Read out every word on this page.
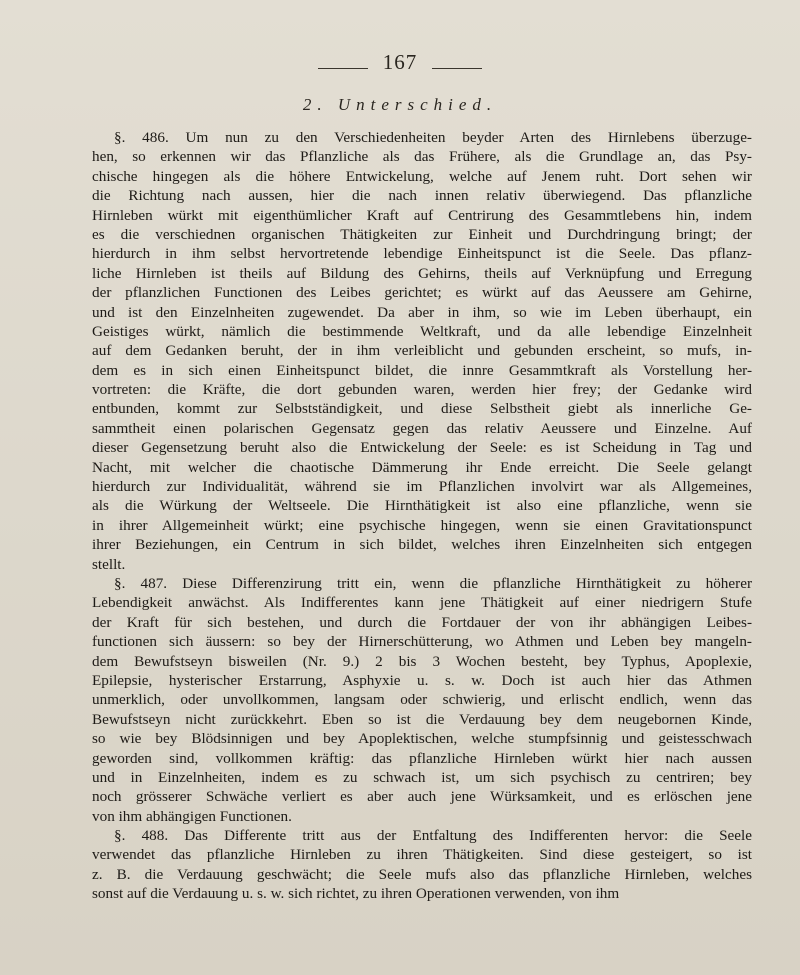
167
2. Unterschied.
§. 486. Um nun zu den Verschiedenheiten beyder Arten des Hirnlebens überzuge-
hen, so erkennen wir das Pflanzliche als das Frühere, als die Grundlage an, das Psy-
chische hingegen als die höhere Entwickelung, welche auf Jenem ruht. Dort sehen wir
die Richtung nach aussen, hier die nach innen relativ überwiegend. Das pflanzliche
Hirnleben würkt mit eigenthümlicher Kraft auf Centrirung des Gesammtlebens hin, indem
es die verschiednen organischen Thätigkeiten zur Einheit und Durchdringung bringt; der
hierdurch in ihm selbst hervortretende lebendige Einheitspunct ist die Seele. Das pflanz-
liche Hirnleben ist theils auf Bildung des Gehirns, theils auf Verknüpfung und Erregung
der pflanzlichen Functionen des Leibes gerichtet; es würkt auf das Aeussere am Gehirne,
und ist den Einzelnheiten zugewendet. Da aber in ihm, so wie im Leben überhaupt, ein
Geistiges würkt, nämlich die bestimmende Weltkraft, und da alle lebendige Einzelnheit
auf dem Gedanken beruht, der in ihm verleiblicht und gebunden erscheint, so mufs, in-
dem es in sich einen Einheitspunct bildet, die innre Gesammtkraft als Vorstellung her-
vortreten: die Kräfte, die dort gebunden waren, werden hier frey; der Gedanke wird
entbunden, kommt zur Selbstständigkeit, und diese Selbstheit giebt als innerliche Ge-
sammtheit einen polarischen Gegensatz gegen das relativ Aeussere und Einzelne. Auf
dieser Gegensetzung beruht also die Entwickelung der Seele: es ist Scheidung in Tag und
Nacht, mit welcher die chaotische Dämmerung ihr Ende erreicht. Die Seele gelangt
hierdurch zur Individualität, während sie im Pflanzlichen involvirt war als Allgemeines,
als die Würkung der Weltseele. Die Hirnthätigkeit ist also eine pflanzliche, wenn sie
in ihrer Allgemeinheit würkt; eine psychische hingegen, wenn sie einen Gravitationspunct
ihrer Beziehungen, ein Centrum in sich bildet, welches ihren Einzelnheiten sich entgegen
stellt.
§. 487. Diese Differenzirung tritt ein, wenn die pflanzliche Hirnthätigkeit zu höherer
Lebendigkeit anwächst. Als Indifferentes kann jene Thätigkeit auf einer niedrigern Stufe
der Kraft für sich bestehen, und durch die Fortdauer der von ihr abhängigen Leibes-
functionen sich äussern: so bey der Hirnerschütterung, wo Athmen und Leben bey mangeln-
dem Bewufstseyn bisweilen (Nr. 9.) 2 bis 3 Wochen besteht, bey Typhus, Apoplexie,
Epilepsie, hysterischer Erstarrung, Asphyxie u. s. w. Doch ist auch hier das Athmen
unmerklich, oder unvollkommen, langsam oder schwierig, und erlischt endlich, wenn das
Bewufstseyn nicht zurückkehrt. Eben so ist die Verdauung bey dem neugebornen Kinde,
so wie bey Blödsinnigen und bey Apoplektischen, welche stumpfsinnig und geistesschwach
geworden sind, vollkommen kräftig: das pflanzliche Hirnleben würkt hier nach aussen
und in Einzelnheiten, indem es zu schwach ist, um sich psychisch zu centriren; bey
noch grösserer Schwäche verliert es aber auch jene Würksamkeit, und es erlöschen jene
von ihm abhängigen Functionen.
§. 488. Das Differente tritt aus der Entfaltung des Indifferenten hervor: die Seele
verwendet das pflanzliche Hirnleben zu ihren Thätigkeiten. Sind diese gesteigert, so ist
z. B. die Verdauung geschwächt; die Seele mufs also das pflanzliche Hirnleben, welches
sonst auf die Verdauung u. s. w. sich richtet, zu ihren Operationen verwenden, von ihm
